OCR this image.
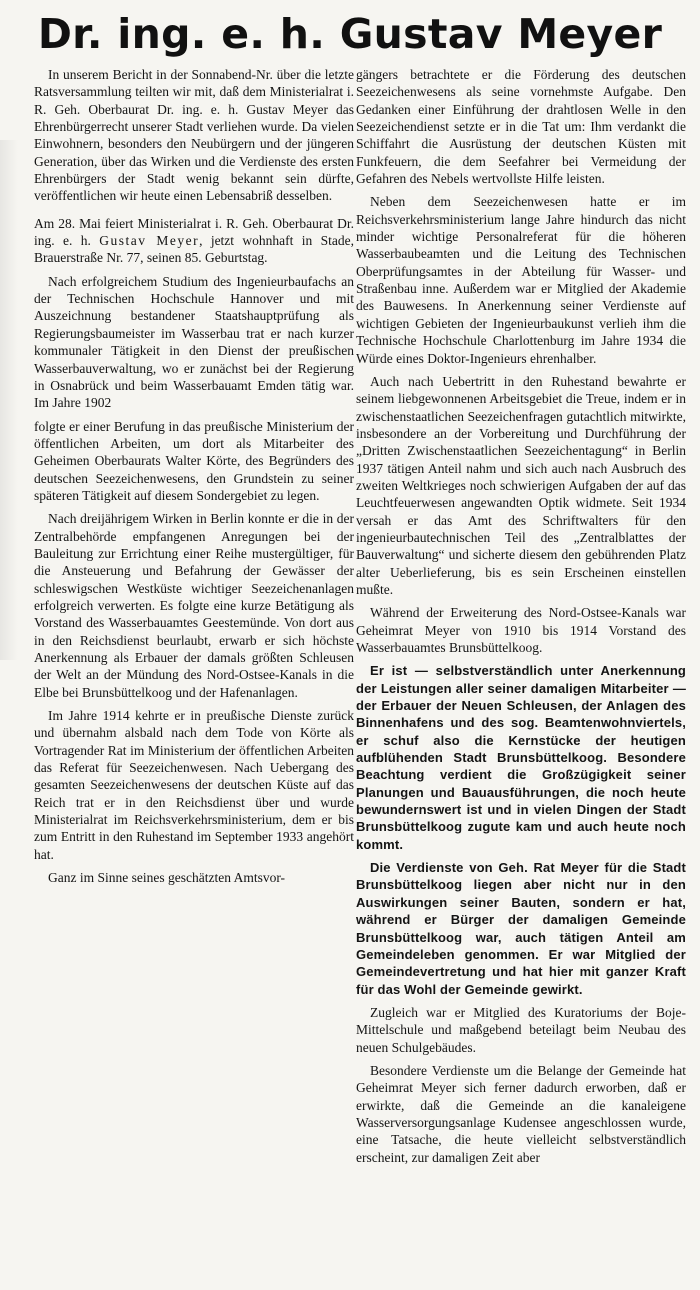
Dr. ing. e. h. Gustav Meyer

In unserem Bericht in der Sonnabend-Nr. über die letzte Ratsversammlung teilten wir mit, daß dem Ministerialrat i. R. Geh. Oberbaurat Dr. ing. e. h. Gustav Meyer das Ehrenbürgerrecht unserer Stadt verliehen wurde. Da vielen Einwohnern, besonders den Neubürgern und der jüngeren Generation, über das Wirken und die Verdienste des ersten Ehrenbürgers der Stadt wenig bekannt sein dürfte, veröffentlichen wir heute einen Lebensabriß desselben.

Am 28. Mai feiert Ministerialrat i. R. Geh. Oberbaurat Dr. ing. e. h. Gustav Meyer, jetzt wohnhaft in Stade, Brauerstraße Nr. 77, seinen 85. Geburtstag.

Nach erfolgreichem Studium des Ingenieurbaufachs an der Technischen Hochschule Hannover und mit Auszeichnung bestandener Staatshauptprüfung als Regierungsbaumeister im Wasserbau trat er nach kurzer kommunaler Tätigkeit in den Dienst der preußischen Wasserbauverwaltung, wo er zunächst bei der Regierung in Osnabrück und beim Wasserbauamt Emden tätig war. Im Jahre 1902

folgte er einer Berufung in das preußische Ministerium der öffentlichen Arbeiten, um dort als Mitarbeiter des Geheimen Oberbaurats Walter Körte, des Begründers des deutschen Seezeichenwesens, den Grundstein zu seiner späteren Tätigkeit auf diesem Sondergebiet zu legen.

Nach dreijährigem Wirken in Berlin konnte er die in der Zentralbehörde empfangenen Anregungen bei der Bauleitung zur Errichtung einer Reihe mustergültiger, für die Ansteuerung und Befahrung der Gewässer der schleswigschen Westküste wichtiger Seezeichenanlagen erfolgreich verwerten. Es folgte eine kurze Betätigung als Vorstand des Wasserbauamtes Geestemünde. Von dort aus in den Reichsdienst beurlaubt, erwarb er sich höchste Anerkennung als Erbauer der damals größten Schleusen der Welt an der Mündung des Nord-Ostsee-Kanals in die Elbe bei Brunsbüttelkoog und der Hafenanlagen.

Im Jahre 1914 kehrte er in preußische Dienste zurück und übernahm alsbald nach dem Tode von Körte als Vortragender Rat im Ministerium der öffentlichen Arbeiten das Referat für Seezeichenwesen. Nach Uebergang des gesamten Seezeichenwesens der deutschen Küste auf das Reich trat er in den Reichsdienst über und wurde Ministerialrat im Reichsverkehrsministerium, dem er bis zum Entritt in den Ruhestand im September 1933 angehört hat.

Ganz im Sinne seines geschätzten Amtsvor-

gängers betrachtete er die Förderung des deutschen Seezeichenwesens als seine vornehmste Aufgabe. Den Gedanken einer Einführung der drahtlosen Welle in den Seezeichendienst setzte er in die Tat um: Ihm verdankt die Schiffahrt die Ausrüstung der deutschen Küsten mit Funkfeuern, die dem Seefahrer bei Vermeidung der Gefahren des Nebels wertvollste Hilfe leisten.

Neben dem Seezeichenwesen hatte er im Reichsverkehrsministerium lange Jahre hindurch das nicht minder wichtige Personalreferat für die höheren Wasserbaubeamten und die Leitung des Technischen Oberprüfungsamtes in der Abteilung für Wasser- und Straßenbau inne. Außerdem war er Mitglied der Akademie des Bauwesens. In Anerkennung seiner Verdienste auf wichtigen Gebieten der Ingenieurbaukunst verlieh ihm die Technische Hochschule Charlottenburg im Jahre 1934 die Würde eines Doktor-Ingenieurs ehrenhalber.

Auch nach Uebertritt in den Ruhestand bewahrte er seinem liebgewonnenen Arbeitsgebiet die Treue, indem er in zwischenstaatlichen Seezeichenfragen gutachtlich mitwirkte, insbesondere an der Vorbereitung und Durchführung der „Dritten Zwischenstaatlichen Seezeichentagung“ in Berlin 1937 tätigen Anteil nahm und sich auch nach Ausbruch des zweiten Weltkrieges noch schwierigen Aufgaben der auf das Leuchtfeuerwesen angewandten Optik widmete. Seit 1934 versah er das Amt des Schriftwalters für den ingenieurbautechnischen Teil des „Zentralblattes der Bauverwaltung“ und sicherte diesem den gebührenden Platz alter Ueberlieferung, bis es sein Erscheinen einstellen mußte.

Während der Erweiterung des Nord-Ostsee-Kanals war Geheimrat Meyer von 1910 bis 1914 Vorstand des Wasserbauamtes Brunsbüttelkoog.

Er ist — selbstverständlich unter Anerkennung der Leistungen aller seiner damaligen Mitarbeiter — der Erbauer der Neuen Schleusen, der Anlagen des Binnenhafens und des sog. Beamtenwohnviertels, er schuf also die Kernstücke der heutigen aufblühenden Stadt Brunsbüttelkoog. Besondere Beachtung verdient die Großzügigkeit seiner Planungen und Bauausführungen, die noch heute bewundernswert ist und in vielen Dingen der Stadt Brunsbüttelkoog zugute kam und auch heute noch kommt.

Die Verdienste von Geh. Rat Meyer für die Stadt Brunsbüttelkoog liegen aber nicht nur in den Auswirkungen seiner Bauten, sondern er hat, während er Bürger der damaligen Gemeinde Brunsbüttelkoog war, auch tätigen Anteil am Gemeindeleben genommen. Er war Mitglied der Gemeindevertretung und hat hier mit ganzer Kraft für das Wohl der Gemeinde gewirkt.

Zugleich war er Mitglied des Kuratoriums der Boje-Mittelschule und maßgebend beteilagt beim Neubau des neuen Schulgebäudes.

Besondere Verdienste um die Belange der Gemeinde hat Geheimrat Meyer sich ferner dadurch erworben, daß er erwirkte, daß die Gemeinde an die kanaleigene Wasserversorgungsanlage Kudensee angeschlossen wurde, eine Tatsache, die heute vielleicht selbstverständlich erscheint, zur damaligen Zeit aber
